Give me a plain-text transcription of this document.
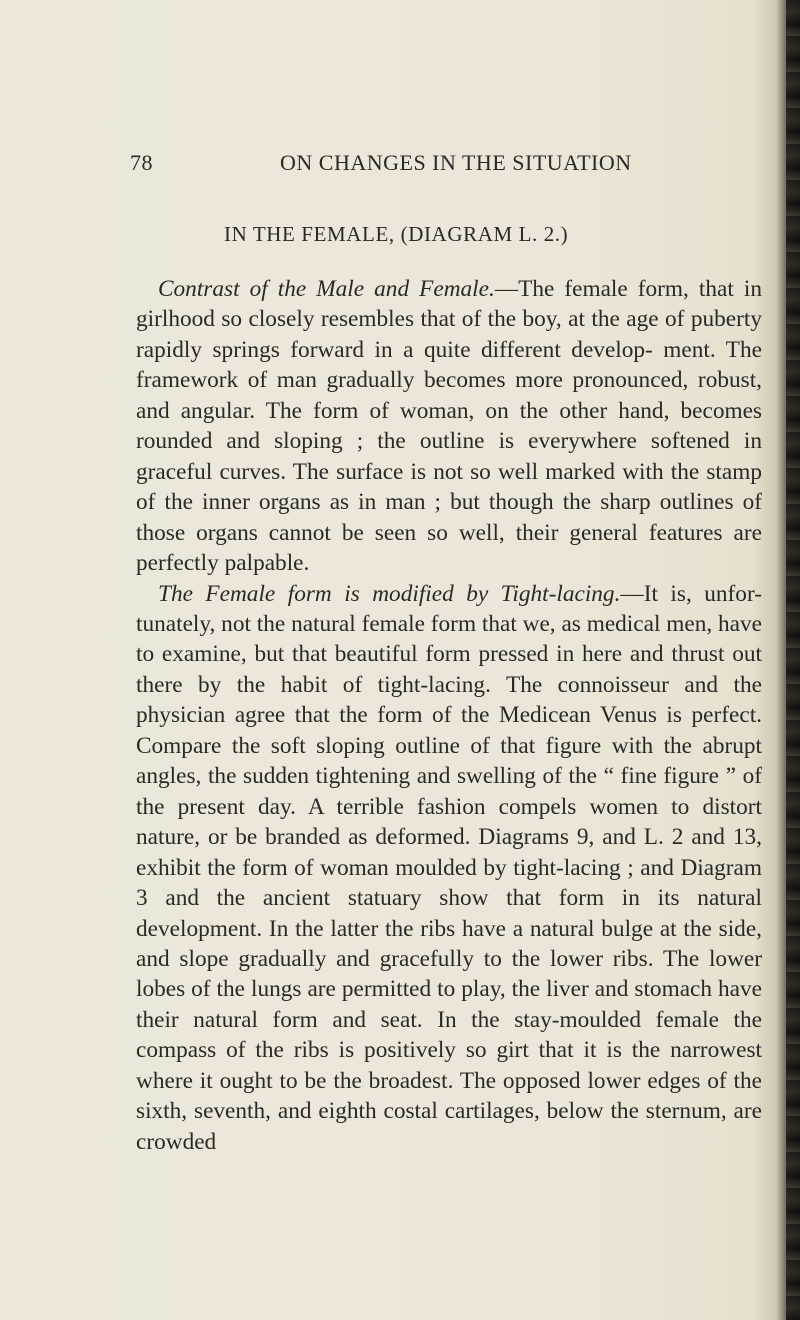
78	ON CHANGES IN THE SITUATION
IN THE FEMALE, (DIAGRAM L. 2.)

Contrast of the Male and Female.—The female form, that in girlhood so closely resembles that of the boy, at the age of puberty rapidly springs forward in a quite different develop- ment. The framework of man gradually becomes more pronounced, robust, and angular. The form of woman, on the other hand, becomes rounded and sloping ; the outline is everywhere softened in graceful curves. The surface is not so well marked with the stamp of the inner organs as in man ; but though the sharp outlines of those organs cannot be seen so well, their general features are perfectly palpable.

The Female form is modified by Tight-lacing.—It is, unfor- tunately, not the natural female form that we, as medical men, have to examine, but that beautiful form pressed in here and thrust out there by the habit of tight-lacing. The connoisseur and the physician agree that the form of the Medicean Venus is perfect. Compare the soft sloping outline of that figure with the abrupt angles, the sudden tightening and swelling of the “ fine figure ” of the present day. A terrible fashion compels women to distort nature, or be branded as deformed. Diagrams 9, and L. 2 and 13, exhibit the form of woman moulded by tight-lacing ; and Diagram 3 and the ancient statuary show that form in its natural development. In the latter the ribs have a natural bulge at the side, and slope gradually and gracefully to the lower ribs. The lower lobes of the lungs are permitted to play, the liver and stomach have their natural form and seat. In the stay-moulded female the compass of the ribs is positively so girt that it is the narrowest where it ought to be the broadest. The opposed lower edges of the sixth, seventh, and eighth costal cartilages, below the sternum, are crowded
